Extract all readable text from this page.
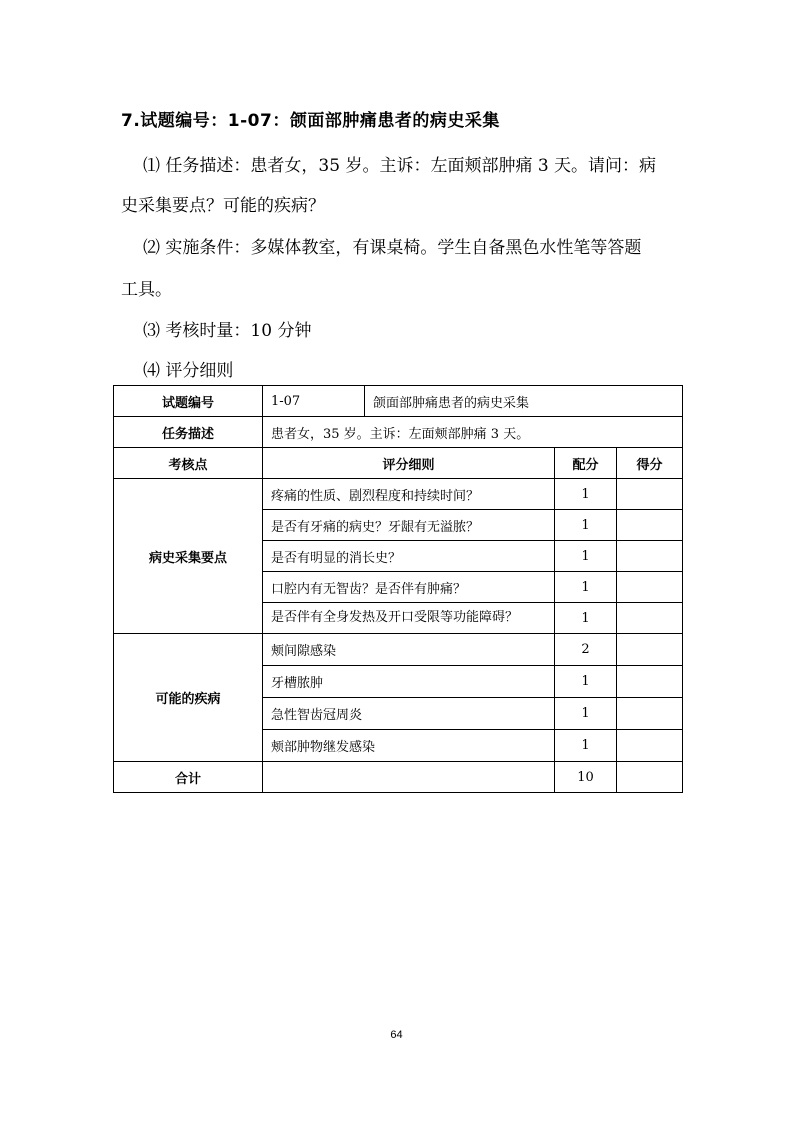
7.试题编号：1-07：颌面部肿痛患者的病史采集
⑴ 任务描述：患者女，35 岁。主诉：左面颊部肿痛 3 天。请问：病
史采集要点？可能的疾病？
⑵ 实施条件：多媒体教室，有课桌椅。学生自备黑色水性笔等答题
工具。
⑶ 考核时量：10 分钟
⑷ 评分细则
试题编号	1-07	颌面部肿痛患者的病史采集		
任务描述	患者女，35 岁。主诉：左面颊部肿痛 3 天。			
考核点	评分细则		配分	得分
病史采集要点	疼痛的性质、剧烈程度和持续时间？		1	
	是否有牙痛的病史？牙龈有无溢脓？		1	
	是否有明显的消长史？		1	
	口腔内有无智齿？是否伴有肿痛？		1	
	是否伴有全身发热及开口受限等功能障碍？		1	
可能的疾病	颊间隙感染		2	
	牙槽脓肿		1	
	急性智齿冠周炎		1	
	颊部肿物继发感染		1	
合计			10	
64
